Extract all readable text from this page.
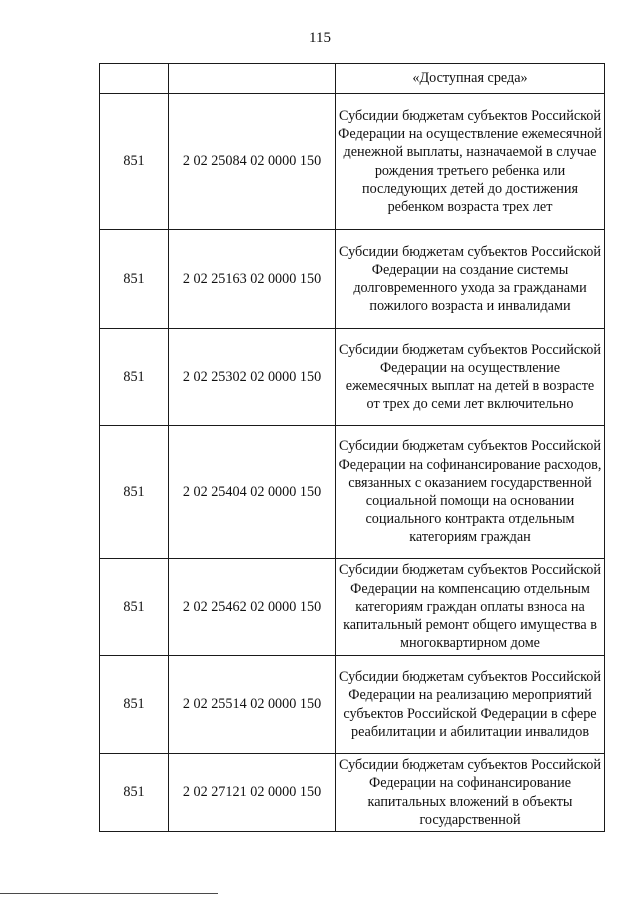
115
		«Доступная среда»
851	2 02 25084 02 0000 150	Субсидии бюджетам субъектов Российской Федерации на осуществление ежемесячной денежной выплаты, назначаемой в случае рождения третьего ребенка или последующих детей до достижения ребенком возраста трех лет
851	2 02 25163 02 0000 150	Субсидии бюджетам субъектов Российской Федерации на создание системы долговременного ухода за гражданами пожилого возраста и инвалидами
851	2 02 25302 02 0000 150	Субсидии бюджетам субъектов Российской Федерации на осуществление ежемесячных выплат на детей в возрасте от трех до семи лет включительно
851	2 02 25404 02 0000 150	Субсидии бюджетам субъектов Российской Федерации на софинансирование расходов, связанных с оказанием государственной социальной помощи на основании социального контракта отдельным категориям граждан
851	2 02 25462 02 0000 150	Субсидии бюджетам субъектов Российской Федерации на компенсацию отдельным категориям граждан оплаты взноса на капитальный ремонт общего имущества в многоквартирном доме
851	2 02 25514 02 0000 150	Субсидии бюджетам субъектов Российской Федерации на реализацию мероприятий субъектов Российской Федерации в сфере реабилитации и абилитации инвалидов
851	2 02 27121 02 0000 150	Субсидии бюджетам субъектов Российской Федерации на софинансирование капитальных вложений в объекты государственной
